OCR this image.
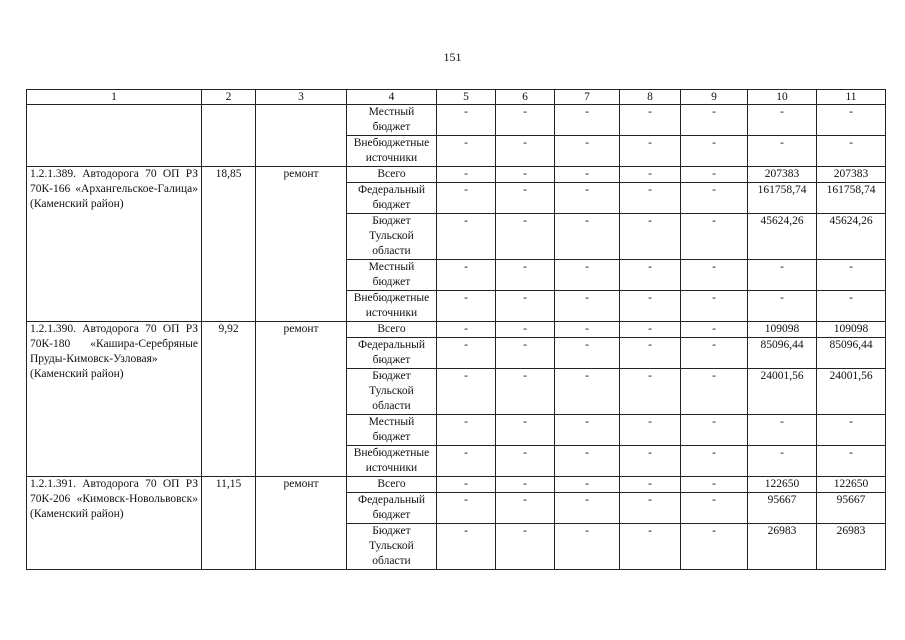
151
1	2	3	4	5	6	7	8	9	10	11
			Местный бюджет	-	-	-	-	-	-	-
			Внебюджетные источники	-	-	-	-	-	-	-
1.2.1.389. Автодорога 70 ОП РЗ 70К-166 «Архангельское-Галица» (Каменский район)	18,85	ремонт	Всего	-	-	-	-	-	207383	207383
			Федеральный бюджет	-	-	-	-	-	161758,74	161758,74
			Бюджет Тульской области	-	-	-	-	-	45624,26	45624,26
			Местный бюджет	-	-	-	-	-	-	-
			Внебюджетные источники	-	-	-	-	-	-	-
1.2.1.390. Автодорога 70 ОП РЗ 70К-180 «Кашира-Серебряные Пруды-Кимовск-Узловая» (Каменский район)	9,92	ремонт	Всего	-	-	-	-	-	109098	109098
			Федеральный бюджет	-	-	-	-	-	85096,44	85096,44
			Бюджет Тульской области	-	-	-	-	-	24001,56	24001,56
			Местный бюджет	-	-	-	-	-	-	-
			Внебюджетные источники	-	-	-	-	-	-	-
1.2.1.391. Автодорога 70 ОП РЗ 70К-206 «Кимовск-Новольвовск» (Каменский район)	11,15	ремонт	Всего	-	-	-	-	-	122650	122650
			Федеральный бюджет	-	-	-	-	-	95667	95667
			Бюджет Тульской области	-	-	-	-	-	26983	26983
